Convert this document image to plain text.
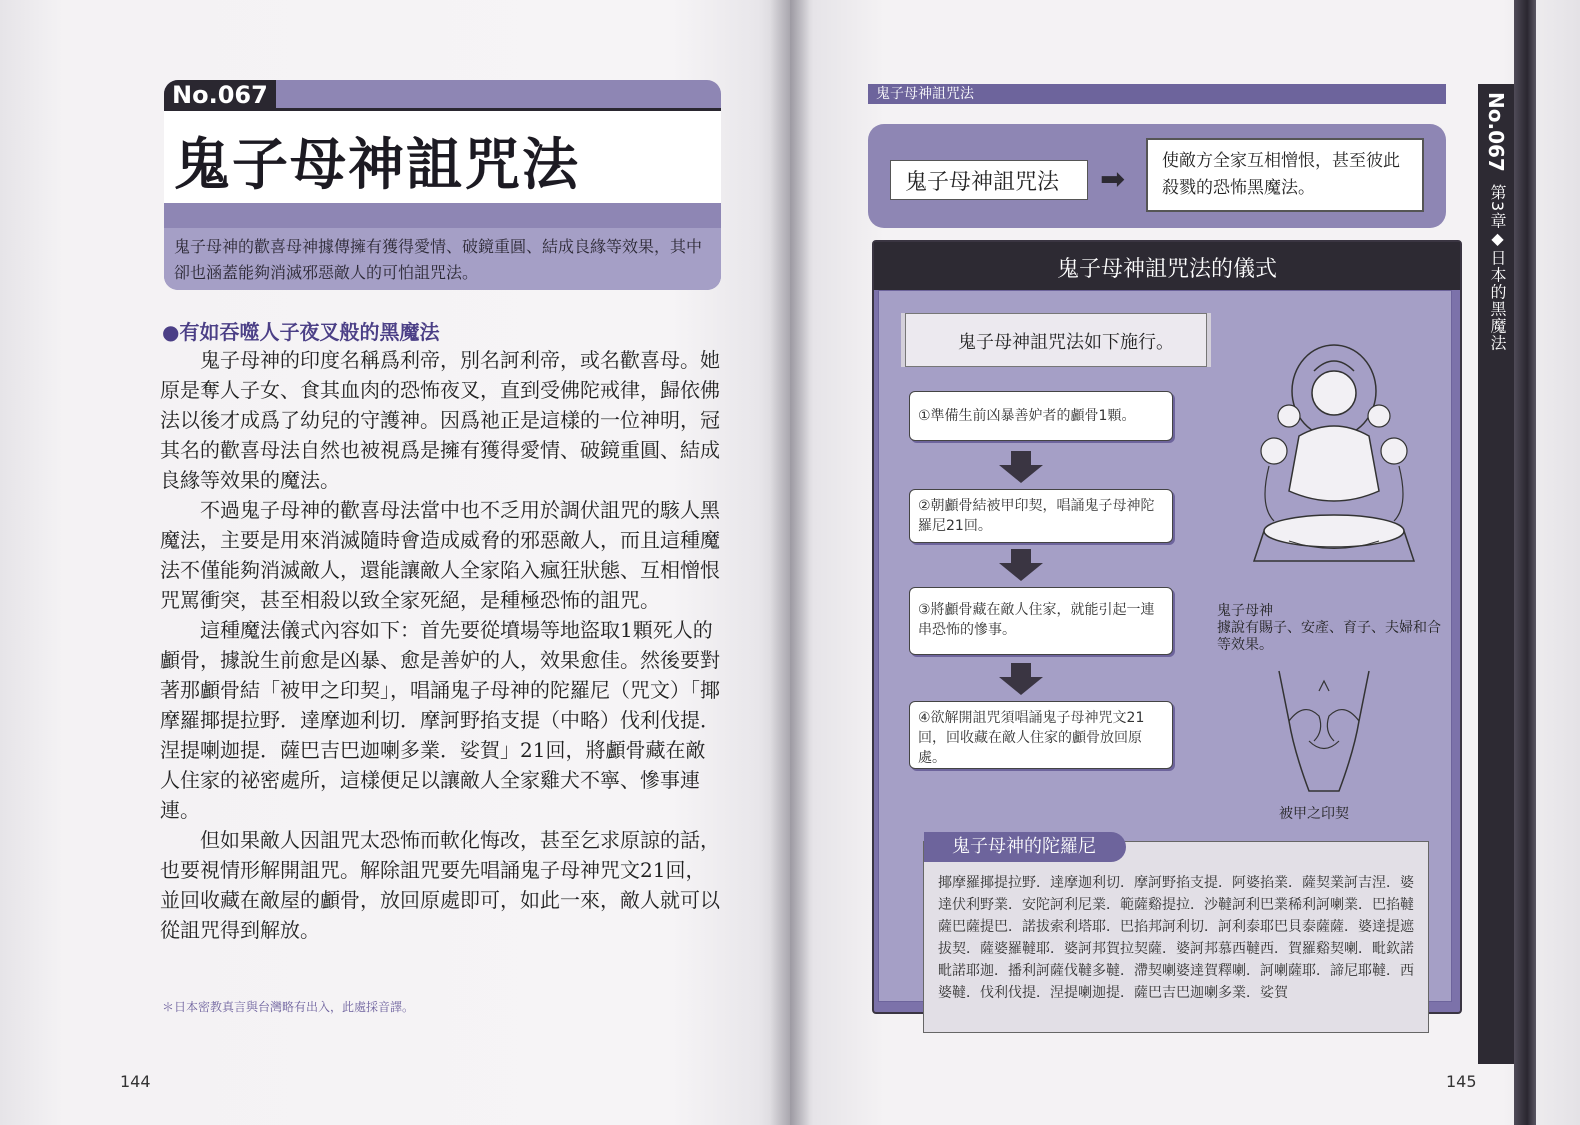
鬼子母神詛咒法
No.067
鬼子母神的歡喜母神據傳擁有獲得愛情、破鏡重圓、結成良緣等效果，其中卻也涵蓋能夠消滅邪惡敵人的可怕詛咒法。
●有如吞噬人子夜叉般的黑魔法

鬼子母神的印度名稱爲利帝，別名訶利帝，或名歡喜母。她原是奪人子女、食其血肉的恐怖夜叉，直到受佛陀戒律，歸依佛法以後才成爲了幼兒的守護神。因爲祂正是這樣的一位神明，冠其名的歡喜母法自然也被視爲是擁有獲得愛情、破鏡重圓、結成良緣等效果的魔法。

不過鬼子母神的歡喜母法當中也不乏用於調伏詛咒的駭人黑魔法，主要是用來消滅隨時會造成威脅的邪惡敵人，而且這種魔法不僅能夠消滅敵人，還能讓敵人全家陷入瘋狂狀態、互相憎恨咒罵衝突，甚至相殺以致全家死絕，是種極恐怖的詛咒。

這種魔法儀式內容如下：首先要從墳場等地盜取1顆死人的顱骨，據說生前愈是凶暴、愈是善妒的人，效果愈佳。然後要對著那顱骨結「被甲之印契」，唱誦鬼子母神的陀羅尼（咒文）「揶摩羅揶提拉野．達摩迦利切．摩訶野掐支提（中略）伐利伐提．涅提喇迦提．薩巴吉巴迦喇多業．娑賀」21回，將顱骨藏在敵人住家的祕密處所，這樣便足以讓敵人全家雞犬不寧、慘事連連。

但如果敵人因詛咒太恐怖而軟化悔改，甚至乞求原諒的話，也要視情形解開詛咒。解除詛咒要先唱誦鬼子母神咒文21回，並回收藏在敵屋的顱骨，放回原處即可，如此一來，敵人就可以從詛咒得到解放。

＊日本密教真言與台灣略有出入，此處採音譯。
144
鬼子母神詛咒法
鬼子母神詛咒法 ➡
使敵方全家互相憎恨，甚至彼此殺戮的恐怖黑魔法。
鬼子母神詛咒法的儀式
鬼子母神詛咒法如下施行。
①準備生前凶暴善妒者的顱骨1顆。
②朝顱骨結被甲印契，唱誦鬼子母神陀羅尼21回。
③將顱骨藏在敵人住家，就能引起一連串恐怖的慘事。
④欲解開詛咒須唱誦鬼子母神咒文21回，回收藏在敵人住家的顱骨放回原處。
鬼子母神
據說有賜子、安產、育子、夫婦和合等效果。
被甲之印契
鬼子母神的陀羅尼
揶摩羅揶提拉野．達摩迦利切．摩訶野掐支提．阿婆掐業．薩契業訶吉涅．婆達伏利野業．安陀訶利尼業．範薩谿提拉．沙韃訶利巴業稀利訶喇業．巴掐韃薩巴薩提巴．諾拔索利塔耶．巴掐邦訶利切．訶利泰耶巴貝泰薩薩．婆達提遮拔契．薩婆羅韃耶．婆訶邦賀拉契薩．婆訶邦慕西韃西．賀羅谿契喇．毗欽諾毗諾耶迦．播利訶薩伐韃多韃．滯契喇婆達賀釋喇．訶喇薩耶．諦尼耶韃．西婆韃．伐利伐提．涅提喇迦提．薩巴吉巴迦喇多業．娑賀
No.067
第3章◆日本的黑魔法
145
